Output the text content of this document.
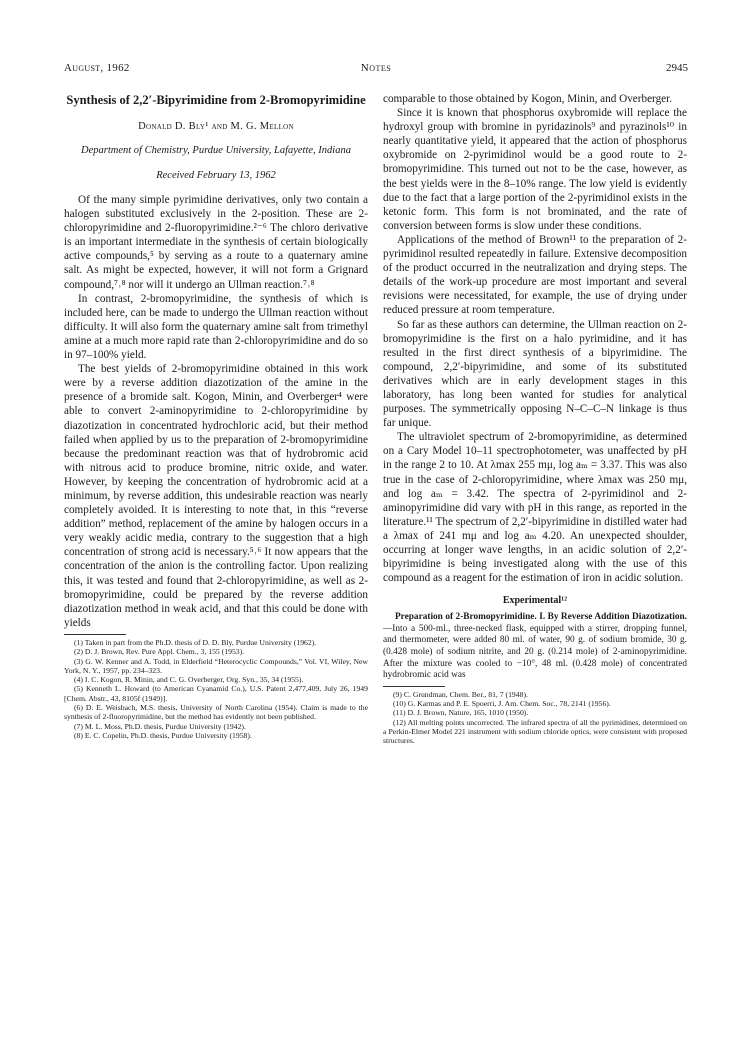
August, 1962	Notes	2945
Synthesis of 2,2′-Bipyrimidine from 2-Bromopyrimidine
Donald D. Bly¹ and M. G. Mellon
Department of Chemistry, Purdue University, Lafayette, Indiana
Received February 13, 1962

Of the many simple pyrimidine derivatives, only two contain a halogen substituted exclusively in the 2-position. These are 2-chloropyrimidine and 2-fluoropyrimidine.²⁻⁶ The chloro derivative is an important intermediate in the synthesis of certain biologically active compounds,⁵ by serving as a route to a quaternary amine salt. As might be expected, however, it will not form a Grignard compound,⁷˒⁸ nor will it undergo an Ullman reaction.⁷˒⁸

In contrast, 2-bromopyrimidine, the synthesis of which is included here, can be made to undergo the Ullman reaction without difficulty. It will also form the quaternary amine salt from trimethyl amine at a much more rapid rate than 2-chloropyrimidine and do so in 97–100% yield.

The best yields of 2-bromopyrimidine obtained in this work were by a reverse addition diazotization of the amine in the presence of a bromide salt. Kogon, Minin, and Overberger⁴ were able to convert 2-aminopyrimidine to 2-chloropyrimidine by diazotization in concentrated hydrochloric acid, but their method failed when applied by us to the preparation of 2-bromopyrimidine because the predominant reaction was that of hydrobromic acid with nitrous acid to produce bromine, nitric oxide, and water. However, by keeping the concentration of hydrobromic acid at a minimum, by reverse addition, this undesirable reaction was nearly completely avoided. It is interesting to note that, in this “reverse addition” method, replacement of the amine by halogen occurs in a very weakly acidic media, contrary to the suggestion that a high concentration of strong acid is necessary.⁵˒⁶ It now appears that the concentration of the anion is the controlling factor. Upon realizing this, it was tested and found that 2-chloropyrimidine, as well as 2-bromopyrimidine, could be prepared by the reverse addition diazotization method in weak acid, and that this could be done with yields

(1) Taken in part from the Ph.D. thesis of D. D. Bly, Purdue University (1962).

(2) D. J. Brown, Rev. Pure Appl. Chem., 3, 155 (1953).

(3) G. W. Kenner and A. Todd, in Elderfield “Heterocyclic Compounds,” Vol. VI, Wiley, New York, N. Y., 1957, pp. 234–323.

(4) I. C. Kogon, R. Minin, and C. G. Overberger, Org. Syn., 35, 34 (1955).

(5) Kenneth L. Howard (to American Cyanamid Co.), U.S. Patent 2,477,409, July 26, 1949 [Chem. Abstr., 43, 8105f (1949)].

(6) D. E. Weisbach, M.S. thesis, University of North Carolina (1954). Claim is made to the synthesis of 2-fluoropyrimidine, but the method has evidently not been published.

(7) M. L. Moss, Ph.D. thesis, Purdue University (1942).

(8) E. C. Copelin, Ph.D. thesis, Purdue University (1958).

comparable to those obtained by Kogon, Minin, and Overberger.

Since it is known that phosphorus oxybromide will replace the hydroxyl group with bromine in pyridazinols⁹ and pyrazinols¹⁰ in nearly quantitative yield, it appeared that the action of phosphorus oxybromide on 2-pyrimidinol would be a good route to 2-bromopyrimidine. This turned out not to be the case, however, as the best yields were in the 8–10% range. The low yield is evidently due to the fact that a large portion of the 2-pyrimidinol exists in the ketonic form. This form is not brominated, and the rate of conversion between forms is slow under these conditions.

Applications of the method of Brown¹¹ to the preparation of 2-pyrimidinol resulted repeatedly in failure. Extensive decomposition of the product occurred in the neutralization and drying steps. The details of the work-up procedure are most important and several revisions were necessitated, for example, the use of drying under reduced pressure at room temperature.

So far as these authors can determine, the Ullman reaction on 2-bromopyrimidine is the first on a halo pyrimidine, and it has resulted in the first direct synthesis of a bipyrimidine. The compound, 2,2′-bipyrimidine, and some of its substituted derivatives which are in early development stages in this laboratory, has long been wanted for studies for analytical purposes. The symmetrically opposing N–C–C–N linkage is thus far unique.

The ultraviolet spectrum of 2-bromopyrimidine, as determined on a Cary Model 10–11 spectrophotometer, was unaffected by pH in the range 2 to 10. At λmax 255 mμ, log aₘ = 3.37. This was also true in the case of 2-chloropyrimidine, where λmax was 250 mμ, and log aₘ = 3.42. The spectra of 2-pyrimidinol and 2-aminopyrimidine did vary with pH in this range, as reported in the literature.¹¹ The spectrum of 2,2′-bipyrimidine in distilled water had a λmax of 241 mμ and log aₘ 4.20. An unexpected shoulder, occurring at longer wave lengths, in an acidic solution of 2,2′-bipyrimidine is being investigated along with the use of this compound as a reagent for the estimation of iron in acidic solution.

Experimental¹²

Preparation of 2-Bromopyrimidine. I. By Reverse Addition Diazotization.—Into a 500-ml., three-necked flask, equipped with a stirrer, dropping funnel, and thermometer, were added 80 ml. of water, 90 g. of sodium bromide, 30 g. (0.428 mole) of sodium nitrite, and 20 g. (0.214 mole) of 2-aminopyrimidine. After the mixture was cooled to −10°, 48 ml. (0.428 mole) of concentrated hydrobromic acid was

(9) C. Grundman, Chem. Ber., 81, 7 (1948).

(10) G. Karmas and P. E. Spoerri, J. Am. Chem. Soc., 78, 2141 (1956).

(11) D. J. Brown, Nature, 165, 1010 (1950).

(12) All melting points uncorrected. The infrared spectra of all the pyrimidines, determined on a Perkin-Elmer Model 221 instrument with sodium chloride optics, were consistent with proposed structures.
